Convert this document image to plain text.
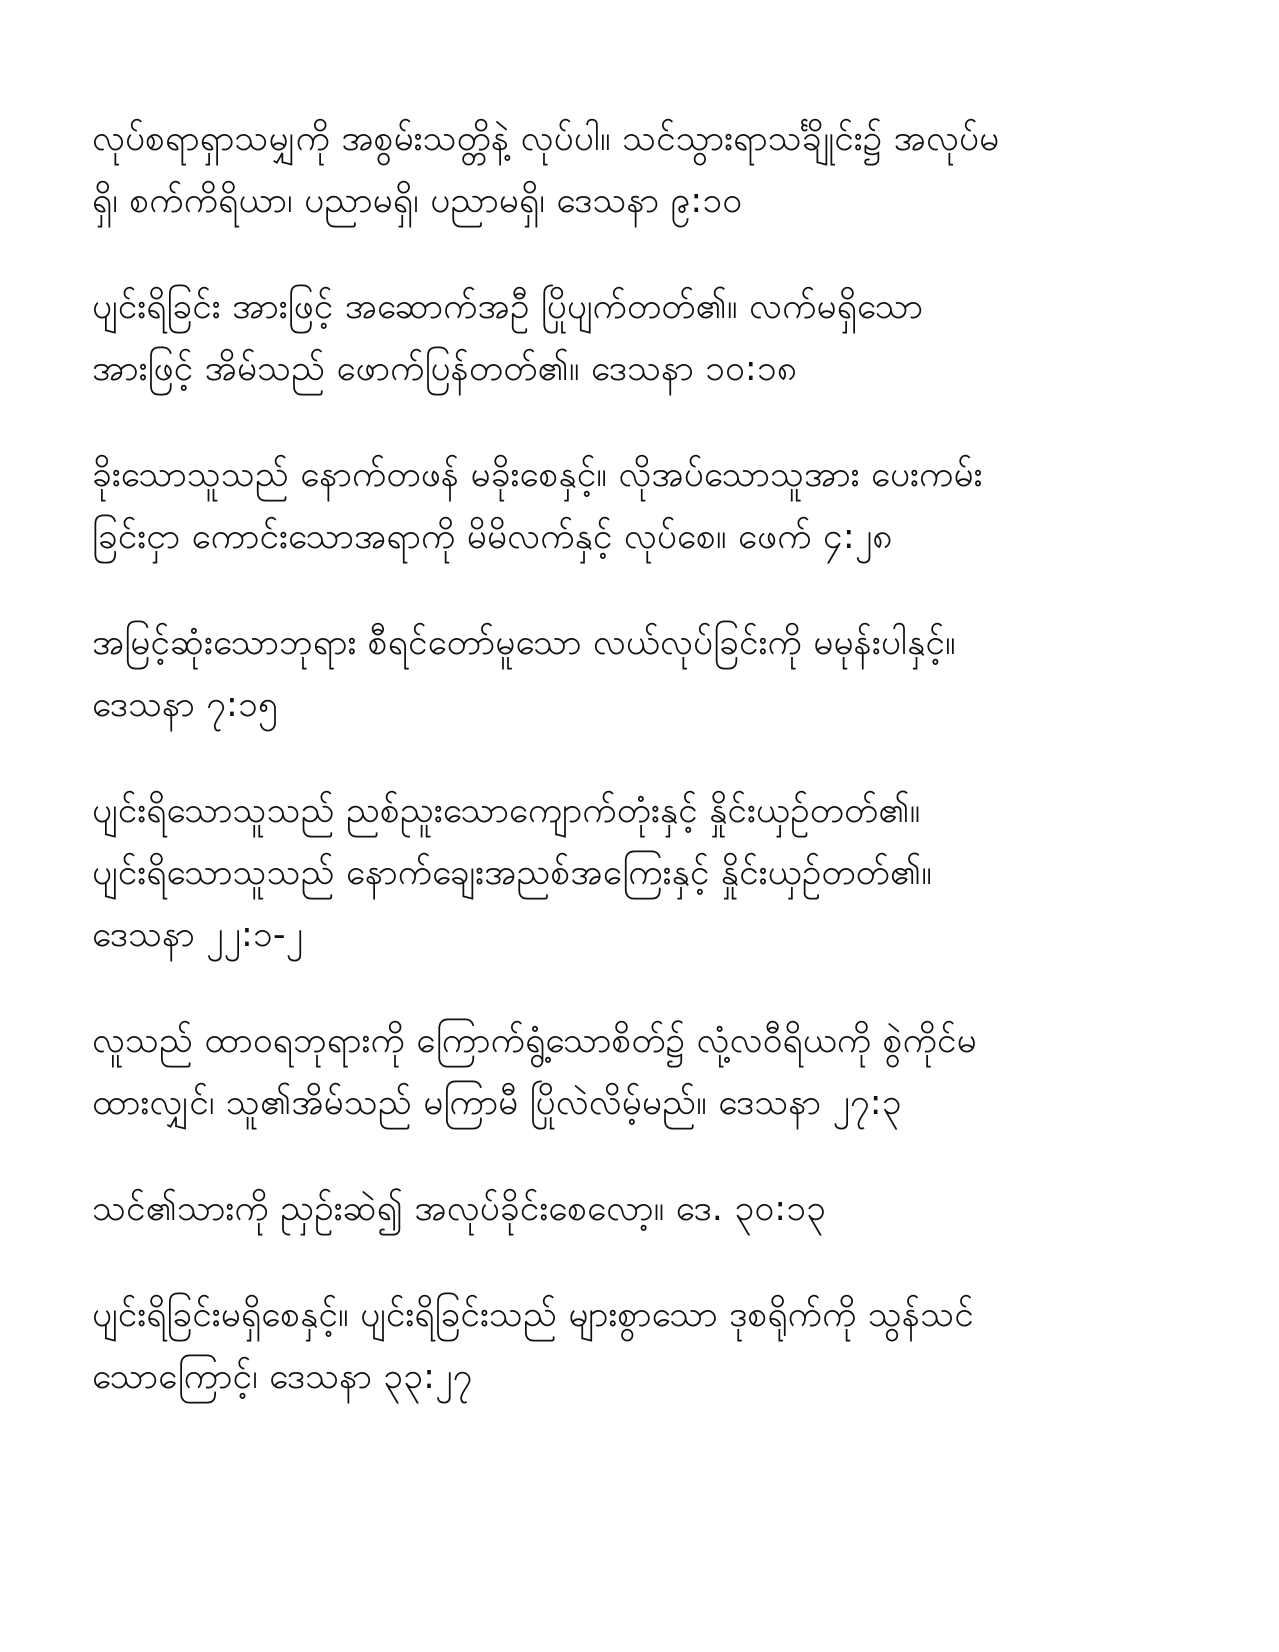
လုပ်စရာရှာသမျှကို အစွမ်းသတ္တိနဲ့ လုပ်ပါ။ သင်သွားရာသင်္ချိုင်း၌ အလုပ်မ
ရှိ၊ စက်ကိရိယာ၊ ပညာမရှိ၊ ပညာမရှိ၊ ဒေသနာ ၉:၁၀

ပျင်းရိခြင်း အားဖြင့် အဆောက်အဦ ပြိုပျက်တတ်၏။ လက်မရှိသော
အားဖြင့် အိမ်သည် ဖောက်ပြန်တတ်၏။ ဒေသနာ ၁၀:၁၈

ခိုးသောသူသည် နောက်တဖန် မခိုးစေနှင့်။ လိုအပ်သောသူအား ပေးကမ်း
ခြင်းငှာ ကောင်းသောအရာကို မိမိလက်နှင့် လုပ်စေ။ ဖေက် ၄:၂၈

အမြင့်ဆုံးသောဘုရား စီရင်တော်မူသော လယ်လုပ်ခြင်းကို မမုန်းပါနှင့်။
ဒေသနာ ၇:၁၅

ပျင်းရိသောသူသည် ညစ်ညူးသောကျောက်တုံးနှင့် နှိုင်းယှဉ်တတ်၏။
ပျင်းရိသောသူသည် နောက်ချေးအညစ်အကြေးနှင့် နှိုင်းယှဉ်တတ်၏။
ဒေသနာ ၂၂:၁-၂

လူသည် ထာဝရဘုရားကို ကြောက်ရွံ့သောစိတ်၌ လုံ့လဝီရိယကို စွဲကိုင်မ
ထားလျှင်၊ သူ၏အိမ်သည် မကြာမီ ပြိုလဲလိမ့်မည်။ ဒေသနာ ၂၇:၃

သင်၏သားကို ညှဉ်းဆဲ၍ အလုပ်ခိုင်းစေလော့။ ဒေ. ၃၀:၁၃

ပျင်းရိခြင်းမရှိစေနှင့်။ ပျင်းရိခြင်းသည် များစွာသော ဒုစရိုက်ကို သွန်သင်
သောကြောင့်၊ ဒေသနာ ၃၃:၂၇
